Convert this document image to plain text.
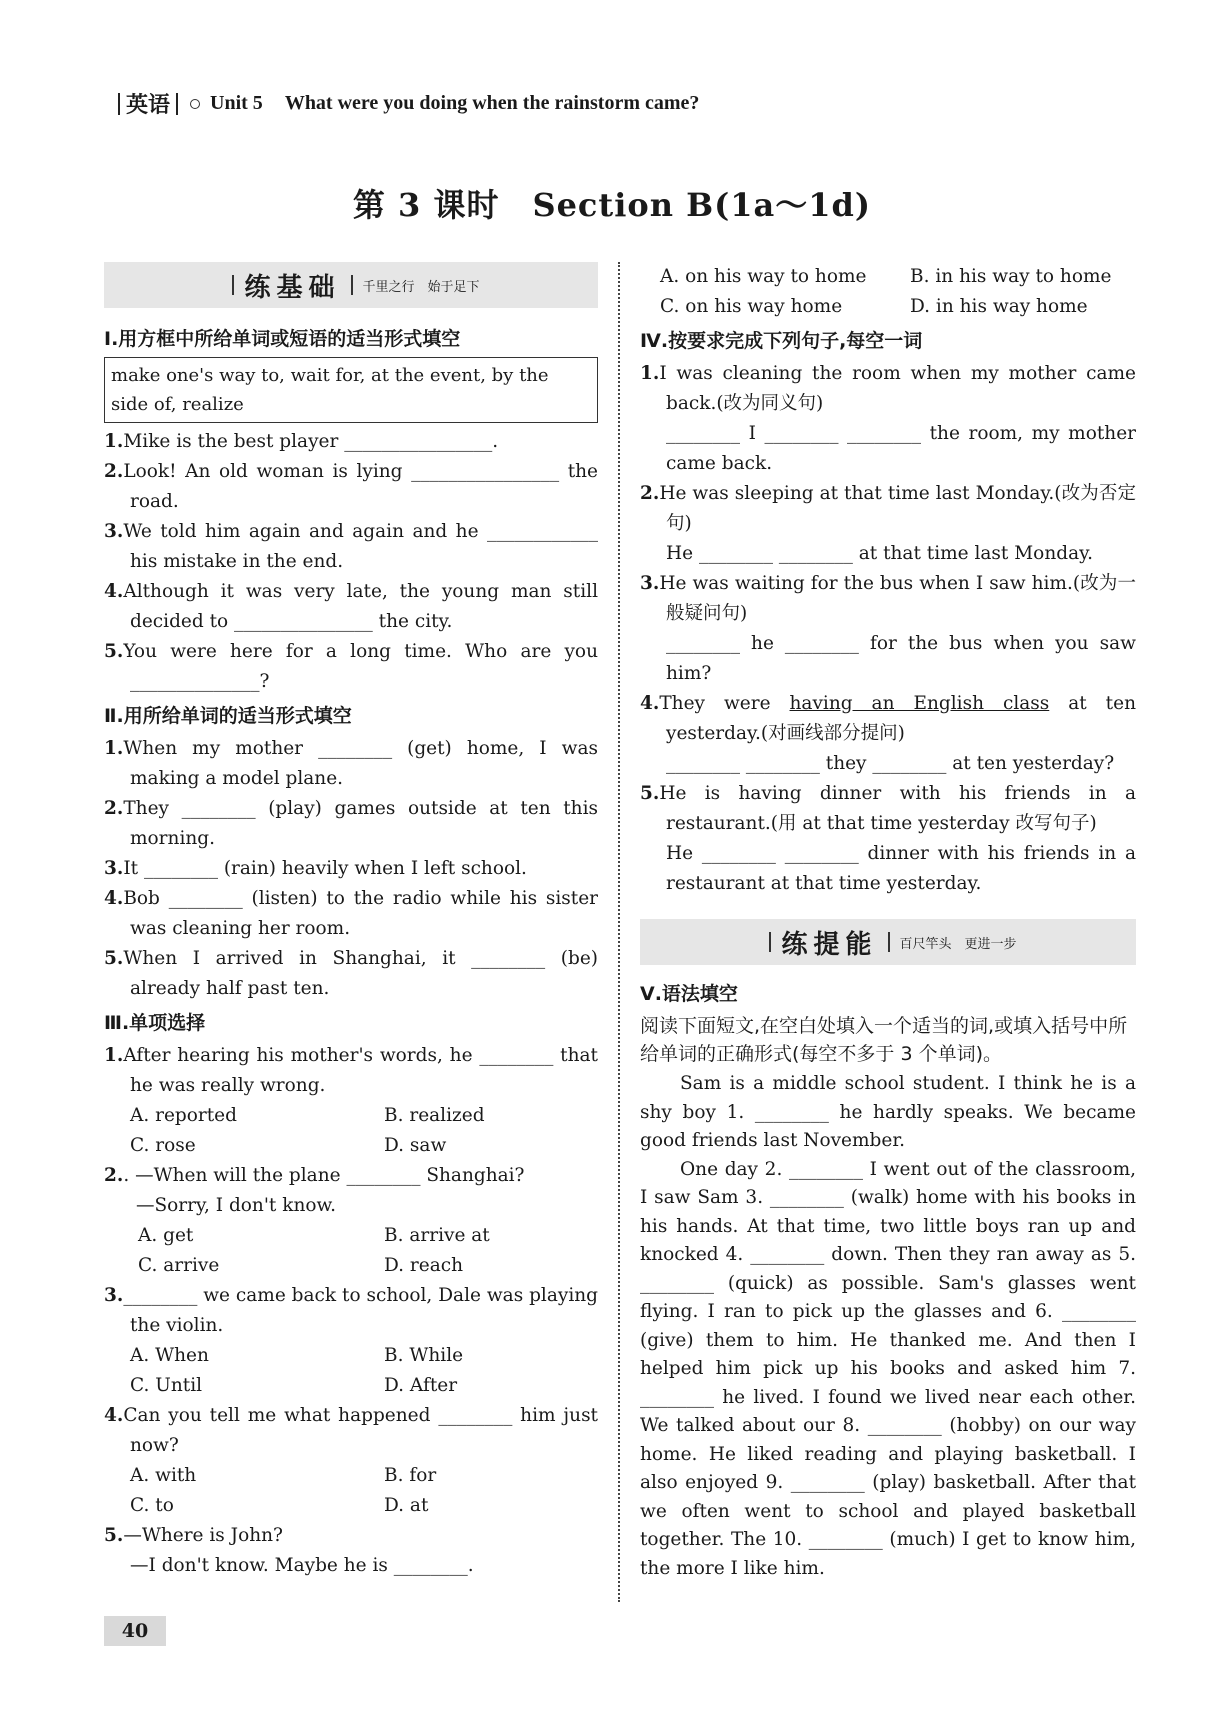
英语 Unit 5 What were you doing when the rainstorm came?
第 3 课时　Section B(1a～1d)
练基础 千里之行　始于足下
Ⅰ.用方框中所给单词或短语的适当形式填空
make one's way to, wait for, at the event, by the side of, realize

1.Mike is the best player ________________.

2.Look! An old woman is lying ________________ the road.

3.We told him again and again and he ____________ his mistake in the end.

4.Although it was very late, the young man still decided to _______________ the city.

5.You were here for a long time. Who are you ______________?

Ⅱ.用所给单词的适当形式填空

1.When my mother ________ (get) home, I was making a model plane.

2.They ________ (play) games outside at ten this morning.

3.It ________ (rain) heavily when I left school.

4.Bob ________ (listen) to the radio while his sister was cleaning her room.

5.When I arrived in Shanghai, it ________ (be) already half past ten.

Ⅲ.单项选择

1.After hearing his mother's words, he ________ that he was really wrong.

A. reported	B. realized
C. rose	D. saw

2.. —When will the plane ________ Shanghai?

—Sorry, I don't know.

A. get	B. arrive at
C. arrive	D. reach

3.________ we came back to school, Dale was playing the violin.

A. When	B. While
C. Until	D. After

4.Can you tell me what happened ________ him just now?

A. with	B. for
C. to	D. at

5.—Where is John?

—I don't know. Maybe he is ________.

A. on his way to home	B. in his way to home
C. on his way home	D. in his way home
Ⅳ.按要求完成下列句子,每空一词

1.I was cleaning the room when my mother came back.(改为同义句)

________ I ________ ________ the room, my mother came back.

2.He was sleeping at that time last Monday.(改为否定句)

He ________ ________ at that time last Monday.

3.He was waiting for the bus when I saw him.(改为一般疑问句)

________ he ________ for the bus when you saw him?

4.They were having an English class at ten yesterday.(对画线部分提问)

________ ________ they ________ at ten yesterday?

5.He is having dinner with his friends in a restaurant.(用 at that time yesterday 改写句子)

He ________ ________ dinner with his friends in a restaurant at that time yesterday.

练提能 百尺竿头　更进一步
Ⅴ.语法填空

阅读下面短文,在空白处填入一个适当的词,或填入括号中所给单词的正确形式(每空不多于 3 个单词)。

Sam is a middle school student. I think he is a shy boy 1. ________ he hardly speaks. We became good friends last November.

One day 2. ________ I went out of the classroom, I saw Sam 3. ________ (walk) home with his books in his hands. At that time, two little boys ran up and knocked 4. ________ down. Then they ran away as 5. ________ (quick) as possible. Sam's glasses went flying. I ran to pick up the glasses and 6. ________ (give) them to him. He thanked me. And then I helped him pick up his books and asked him 7. ________ he lived. I found we lived near each other. We talked about our 8. ________ (hobby) on our way home. He liked reading and playing basketball. I also enjoyed 9. ________ (play) basketball. After that we often went to school and played basketball together. The 10. ________ (much) I get to know him, the more I like him.

40
